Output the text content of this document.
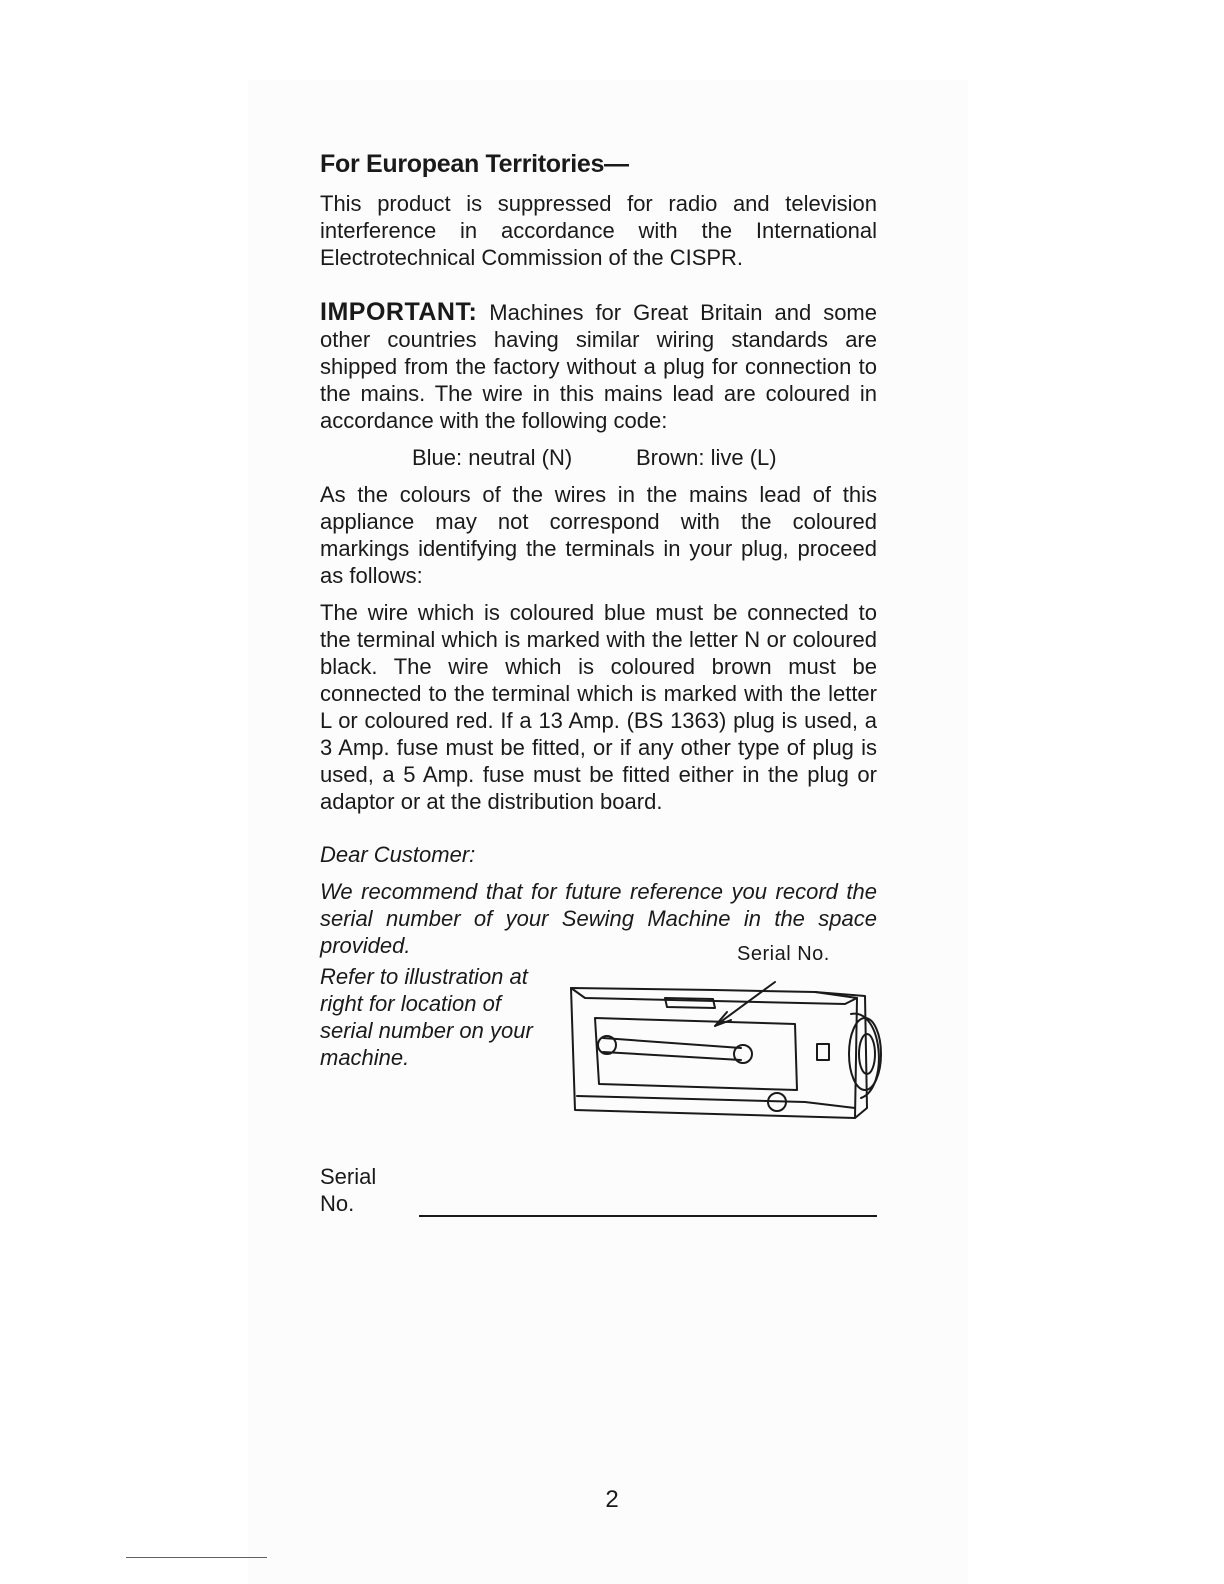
For European Territories—

This product is suppressed for radio and television interference in accordance with the International Electrotechnical Commission of the CISPR.

IMPORTANT: Machines for Great Britain and some other countries having similar wiring standards are shipped from the factory without a plug for connection to the mains. The wire in this mains lead are coloured in accordance with the following code:

Blue: neutral (N)	Brown: live (L)

As the colours of the wires in the mains lead of this appliance may not correspond with the coloured markings identifying the terminals in your plug, proceed as follows:

The wire which is coloured blue must be connected to the terminal which is marked with the letter N or coloured black. The wire which is coloured brown must be connected to the terminal which is marked with the letter L or coloured red. If a 13 Amp. (BS 1363) plug is used, a 3 Amp. fuse must be fitted, or if any other type of plug is used, a 5 Amp. fuse must be fitted either in the plug or adaptor or at the distribution board.

Dear Customer:

We recommend that for future reference you record the serial number of your Sewing Machine in the space provided.

Refer to illustration at right for location of serial number on your machine.
Serial No.
Serial No.
2
